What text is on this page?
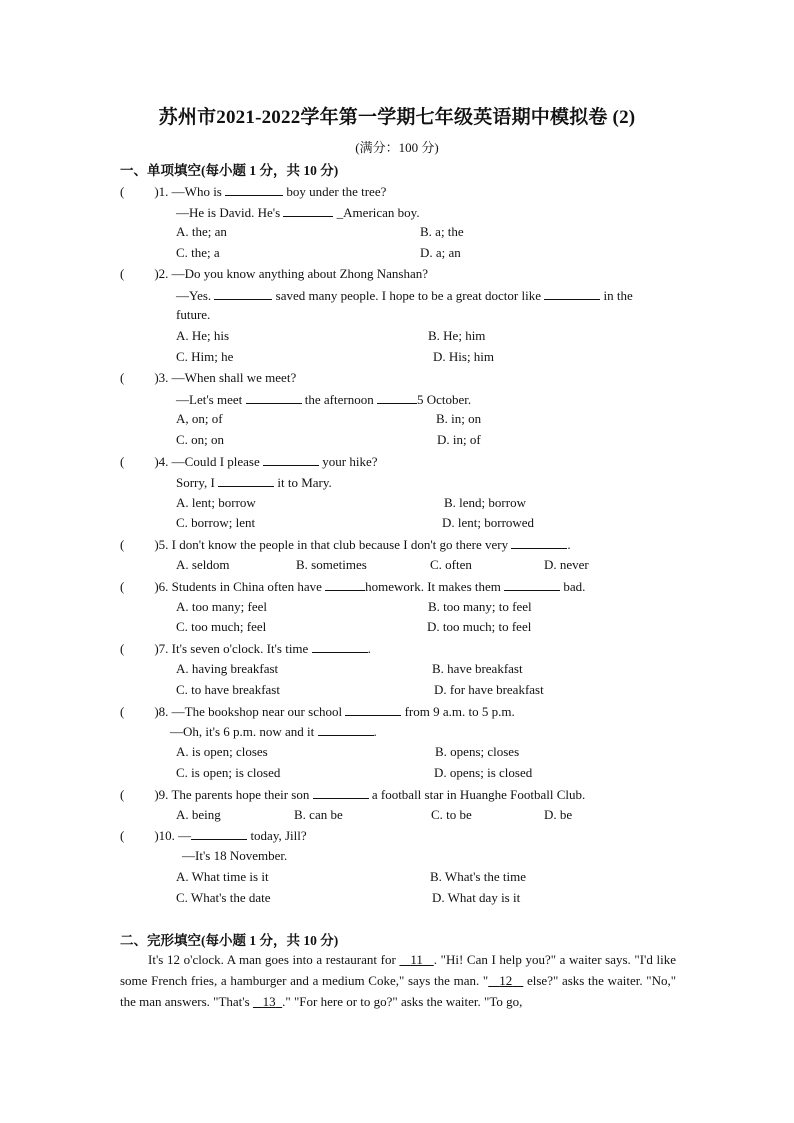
苏州市2021-2022学年第一学期七年级英语期中模拟卷 (2)
(满分：100 分)
一、单项填空(每小题 1 分，共 10 分)
( )1. —Who is	boy under the tree?
—He is David. He's	_American boy.
A. the; an	B. a; the
C. the; a	D. a; an
( )2. —Do you know anything about Zhong Nanshan?
—Yes.	saved many people. I hope to be a great doctor like	in the
future.
A. He; his	B. He; him
C. Him; he	D. His; him
( )3. —When shall we meet?
—Let's meet	the afternoon	5 October.
A, on; of	B. in; on
C. on; on	D. in; of
( )4. —Could I please	your hike?
Sorry, I	it to Mary.
A. lent; borrow	B. lend; borrow
C. borrow; lent	D. lent; borrowed
( )5. I don't know the people in that club because I don't go there very	.
A. seldom	B. sometimes	C. often	D. never
( )6. Students in China often have	homework. It makes them	bad.
A. too many; feel	B. too many; to feel
C. too much; feel	D. too much; to feel
( )7. It's seven o'clock. It's time	.
A. having breakfast	B. have breakfast
C. to have breakfast	D. for have breakfast
( )8. —The bookshop near our school	from 9 a.m. to 5 p.m.
—Oh, it's 6 p.m. now and it	.
A. is open; closes	B. opens; closes
C. is open; is closed	D. opens; is closed
( )9. The parents hope their son	a football star in Huanghe Football Club.
A. being	B. can be	C. to be	D. be
( )10. —	today, Jill?
—It's 18 November.
A. What time is it	B. What's the time
C. What's the date	D. What day is it
二、完形填空(每小题 1 分，共 10 分)
It's 12 o'clock. A man goes into a restaurant for 11 . "Hi! Can I help you?" a waiter says. "I'd like some French fries, a hamburger and a medium Coke," says the man. " 12    else?" asks the waiter. "No," the man answers. "That's 13 ." "For here or to go?" asks the waiter. "To go,
